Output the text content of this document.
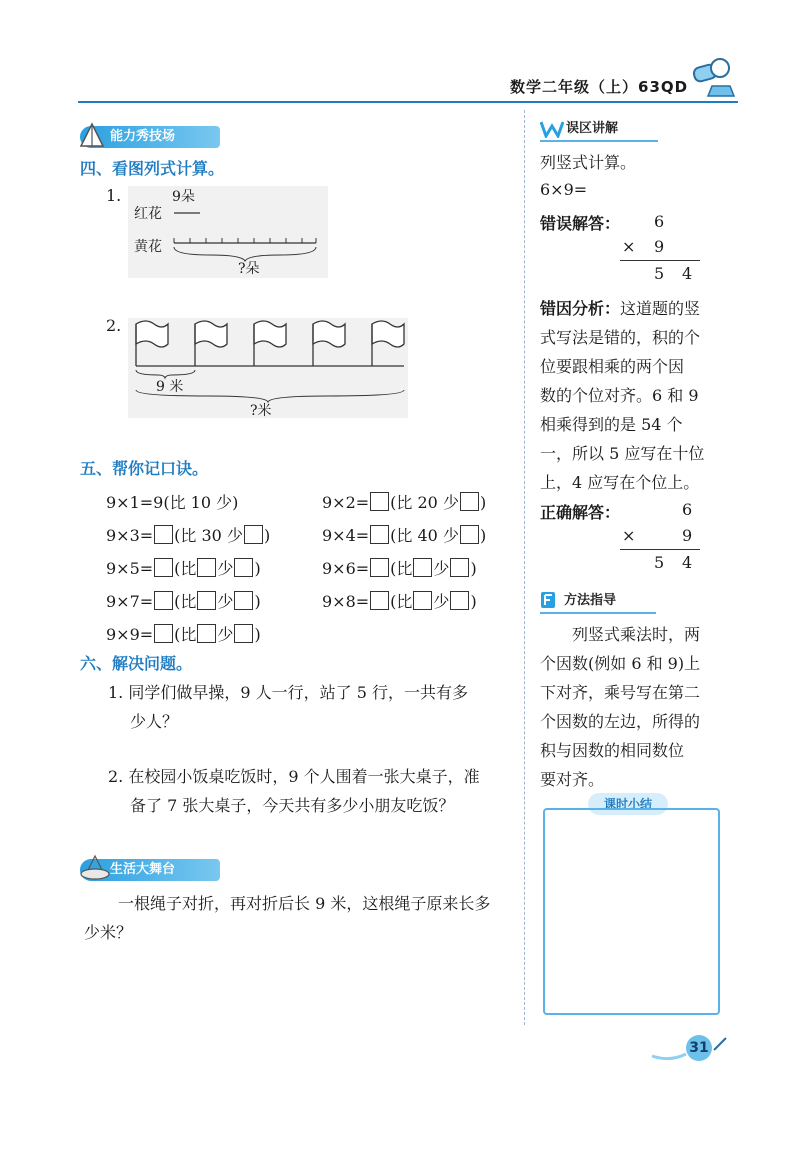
数学二年级（上）63QD
能力秀技场
四、看图列式计算。
1.	9朵
红花
黄花
?朵
2.
9 米
?米
五、帮你记口诀。
9×1=9(比 10 少)	9×2= (比 20 少 )
9×3= (比 30 少 )	9×4= (比 40 少 )
9×5= (比 少 )	9×6= (比 少 )
9×7= (比 少 )	9×8= (比 少 )
9×9= (比 少 )
六、解决问题。
1. 同学们做早操，9 人一行，站了 5 行，一共有多
少人？
2. 在校园小饭桌吃饭时，9 个人围着一张大桌子，准
备了 7 张大桌子，今天共有多少小朋友吃饭？
生活大舞台
一根绳子对折，再对折后长 9 米，这根绳子原来长多
少米？
误区讲解
列竖式计算。
6×9=
错误解答： 6
× 9
5 4
错因分析：这道题的竖
式写法是错的，积的个
位要跟相乘的两个因
数的个位对齐。6 和 9
相乘得到的是 54 个
一，所以 5 应写在十位
上，4 应写在个位上。
正确解答：	6
×	9
5 4
方法指导
列竖式乘法时，两
个因数(例如 6 和 9)上
下对齐，乘号写在第二
个因数的左边，所得的
积与因数的相同数位
要对齐。
课时小结
31
